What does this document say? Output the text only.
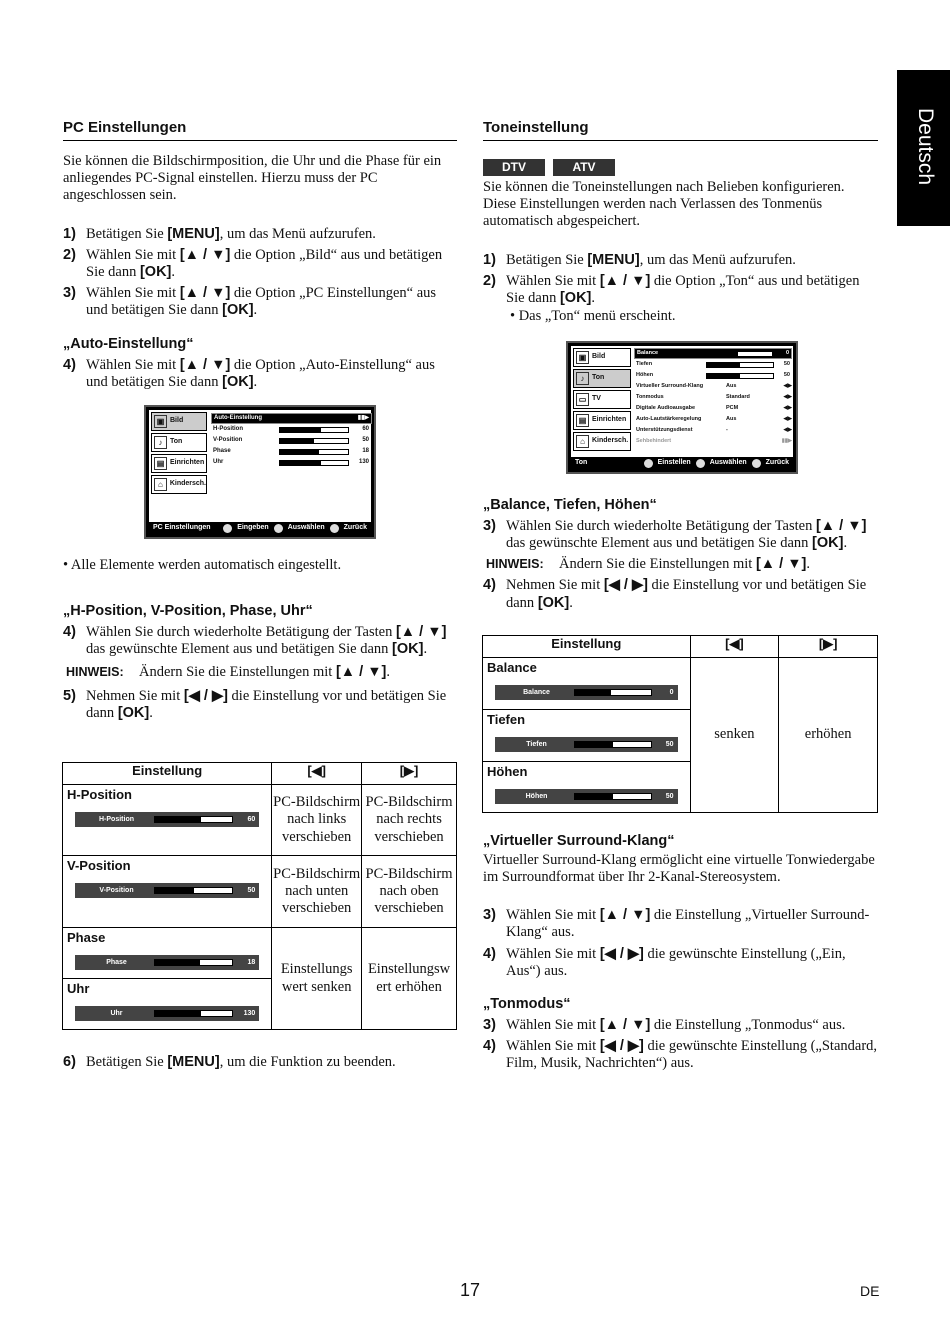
Deutsch
PC Einstellungen
Sie können die Bildschirmposition, die Uhr und die Phase für ein anliegendes PC-Signal einstellen. Hierzu muss der PC angeschlossen sein.
1) Betätigen Sie [MENU], um das Menü aufzurufen.
2) Wählen Sie mit [▲ / ▼] die Option „Bild“ aus und betätigen Sie dann [OK].
3) Wählen Sie mit [▲ / ▼] die Option „PC Einstellungen“ aus und betätigen Sie dann [OK].
„Auto-Einstellung“
4) Wählen Sie mit [▲ / ▼] die Option „Auto-Einstellung“ aus und betätigen Sie dann [OK].
▣ Bild
♪	Ton
▤ Einrichten
⌂ Kindersch.
Auto-Einstellung	▮▮▶
H-Position	60
V-Position	50
Phase	18
Uhr	130
PC Einstellungen	Eingeben	Auswählen	Zurück
• Alle Elemente werden automatisch eingestellt.
„H-Position, V-Position, Phase, Uhr“
4) Wählen Sie durch wiederholte Betätigung der Tasten [▲ / ▼] das gewünschte Element aus und betätigen Sie dann [OK].
HINWEIS:	Ändern Sie die Einstellungen mit [▲ / ▼].
5) Nehmen Sie mit [◀ / ▶] die Einstellung vor und betätigen Sie dann [OK].
Einstellung	[◀]	[▶]

H-Position
H-Position 60	PC-Bildschirm nach links verschieben	PC-Bildschirm nach rechts verschieben

V-Position
V-Position 50	PC-Bildschirm nach unten verschieben	PC-Bildschirm nach oben verschieben

Phase
Phase 18	Einstellungs wert senken	Einstellungsw ert erhöhen

Uhr
Uhr 130		
6) Betätigen Sie [MENU], um die Funktion zu beenden.
Toneinstellung
DTV	ATV
Sie können die Toneinstellungen nach Belieben konfigurieren. Diese Einstellungen werden nach Verlassen des Tonmenüs automatisch abgespeichert.
1) Betätigen Sie [MENU], um das Menü aufzurufen.
2) Wählen Sie mit [▲ / ▼] die Option „Ton“ aus und betätigen Sie dann [OK].
• Das „Ton“ menü erscheint.
▣ Bild
♪	Ton
▭ TV
▤ Einrichten
⌂	Kindersch.
Balance	0
Tiefen	50
Höhen	50
Virtueller Surround-Klang	Aus	◀▶
Tonmodus	Standard	◀▶
Digitale Audioausgabe	PCM	◀▶
Auto-Lautstärkeregelung	Aus	◀▶
Unterstützungsdienst	-	◀▶
Sehbehindert	▮▮▶
Ton	Einstellen	Auswählen	Zurück
„Balance, Tiefen, Höhen“
3) Wählen Sie durch wiederholte Betätigung der Tasten [▲ / ▼] das gewünschte Element aus und betätigen Sie dann [OK].
HINWEIS:	Ändern Sie die Einstellungen mit [▲ / ▼].
4) Nehmen Sie mit [◀ / ▶] die Einstellung vor und betätigen Sie dann [OK].
Einstellung	[◀]	[▶]

Balance
Balance 0	senken	erhöhen

Tiefen
Tiefen 50		

Höhen
Höhen 50		
„Virtueller Surround-Klang“
Virtueller Surround-Klang ermöglicht eine virtuelle Tonwiedergabe im Surroundformat über Ihr 2-Kanal-Stereosystem.
3) Wählen Sie mit [▲ / ▼] die Einstellung „Virtueller Surround-Klang“ aus.
4) Wählen Sie mit [◀ / ▶] die gewünschte Einstellung („Ein, Aus“) aus.
„Tonmodus“
3) Wählen Sie mit [▲ / ▼] die Einstellung „Tonmodus“ aus.
4) Wählen Sie mit [◀ / ▶] die gewünschte Einstellung („Standard, Film, Musik, Nachrichten“) aus.
17	DE
